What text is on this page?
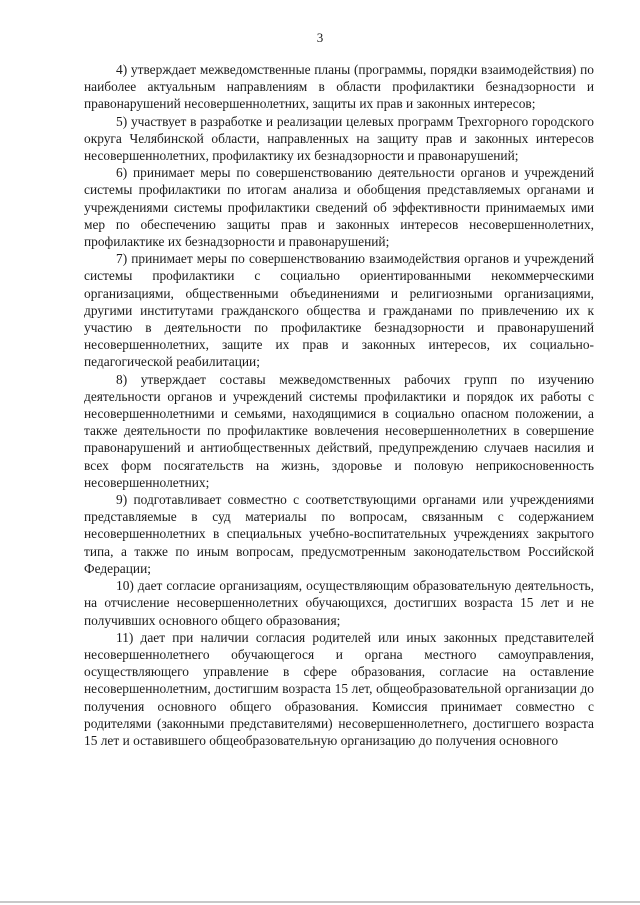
3

4) утверждает межведомственные планы (программы, порядки взаимодействия) по наиболее актуальным направлениям в области профилактики безнадзорности и правонарушений несовершеннолетних, защиты их прав и законных интересов;

5) участвует в разработке и реализации целевых программ Трехгорного городского округа Челябинской области, направленных на защиту прав и законных интересов несовершеннолетних, профилактику их безнадзорности и правонарушений;

6) принимает меры по совершенствованию деятельности органов и учреждений системы профилактики по итогам анализа и обобщения представляемых органами и учреждениями системы профилактики сведений об эффективности принимаемых ими мер по обеспечению защиты прав и законных интересов несовершеннолетних, профилактике их безнадзорности и правонарушений;

7) принимает меры по совершенствованию взаимодействия органов и учреждений системы профилактики с социально ориентированными некоммерческими организациями, общественными объединениями и религиозными организациями, другими институтами гражданского общества и гражданами по привлечению их к участию в деятельности по профилактике безнадзорности и правонарушений несовершеннолетних, защите их прав и законных интересов, их социально-педагогической реабилитации;

8) утверждает составы межведомственных рабочих групп по изучению деятельности органов и учреждений системы профилактики и порядок их работы с несовершеннолетними и семьями, находящимися в социально опасном положении, а также деятельности по профилактике вовлечения несовершеннолетних в совершение правонарушений и антиобщественных действий, предупреждению случаев насилия и всех форм посягательств на жизнь, здоровье и половую неприкосновенность несовершеннолетних;

9) подготавливает совместно с соответствующими органами или учреждениями представляемые в суд материалы по вопросам, связанным с содержанием несовершеннолетних в специальных учебно-воспитательных учреждениях закрытого типа, а также по иным вопросам, предусмотренным законодательством Российской Федерации;

10) дает согласие организациям, осуществляющим образовательную деятельность, на отчисление несовершеннолетних обучающихся, достигших возраста 15 лет и не получивших основного общего образования;

11) дает при наличии согласия родителей или иных законных представителей несовершеннолетнего обучающегося и органа местного самоуправления, осуществляющего управление в сфере образования, согласие на оставление несовершеннолетним, достигшим возраста 15 лет, общеобразовательной организации до получения основного общего образования. Комиссия принимает совместно с родителями (законными представителями) несовершеннолетнего, достигшего возраста 15 лет и оставившего общеобразовательную организацию до получения основного
